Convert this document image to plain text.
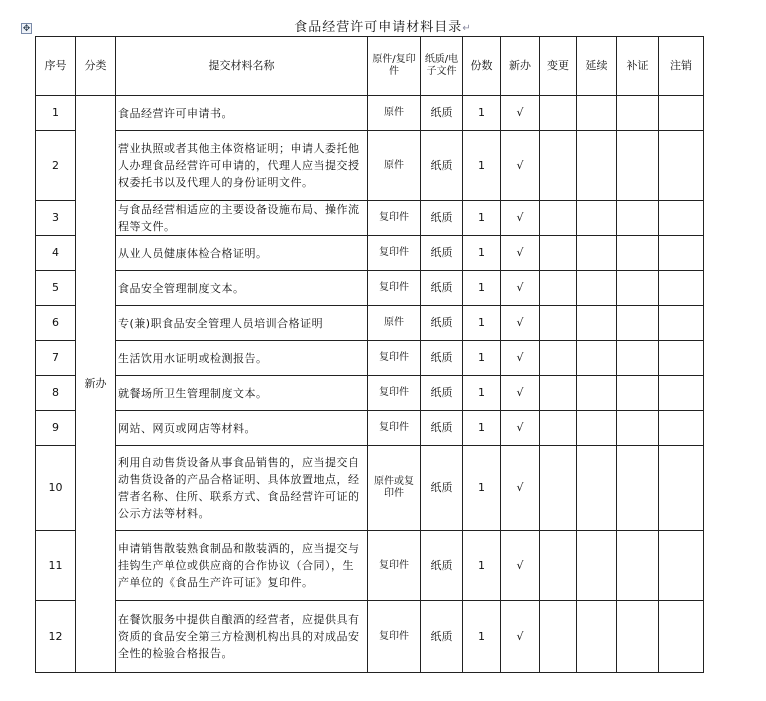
✥	食品经营许可申请材料目录↵
序号	分类	提交材料名称	原件/复印件	纸质/电子文件	份数	新办	变更	延续	补证	注销
1	新办	食品经营许可申请书。	原件	纸质	1	√				
2		营业执照或者其他主体资格证明；申请人委托他人办理食品经营许可申请的，代理人应当提交授权委托书以及代理人的身份证明文件。	原件	纸质	1	√				
3		与食品经营相适应的主要设备设施布局、操作流程等文件。	复印件	纸质	1	√				
4		从业人员健康体检合格证明。	复印件	纸质	1	√				
5		食品安全管理制度文本。	复印件	纸质	1	√				
6		专(兼)职食品安全管理人员培训合格证明	原件	纸质	1	√				
7		生活饮用水证明或检测报告。	复印件	纸质	1	√				
8		就餐场所卫生管理制度文本。	复印件	纸质	1	√				
9		网站、网页或网店等材料。	复印件	纸质	1	√				
10		利用自动售货设备从事食品销售的，应当提交自动售货设备的产品合格证明、具体放置地点，经营者名称、住所、联系方式、食品经营许可证的公示方法等材料。	原件或复印件	纸质	1	√				
11		申请销售散装熟食制品和散装酒的，应当提交与挂钩生产单位或供应商的合作协议（合同），生产单位的《食品生产许可证》复印件。	复印件	纸质	1	√				
12		在餐饮服务中提供自酿酒的经营者，应提供具有资质的食品安全第三方检测机构出具的对成品安全性的检验合格报告。	复印件	纸质	1	√				
